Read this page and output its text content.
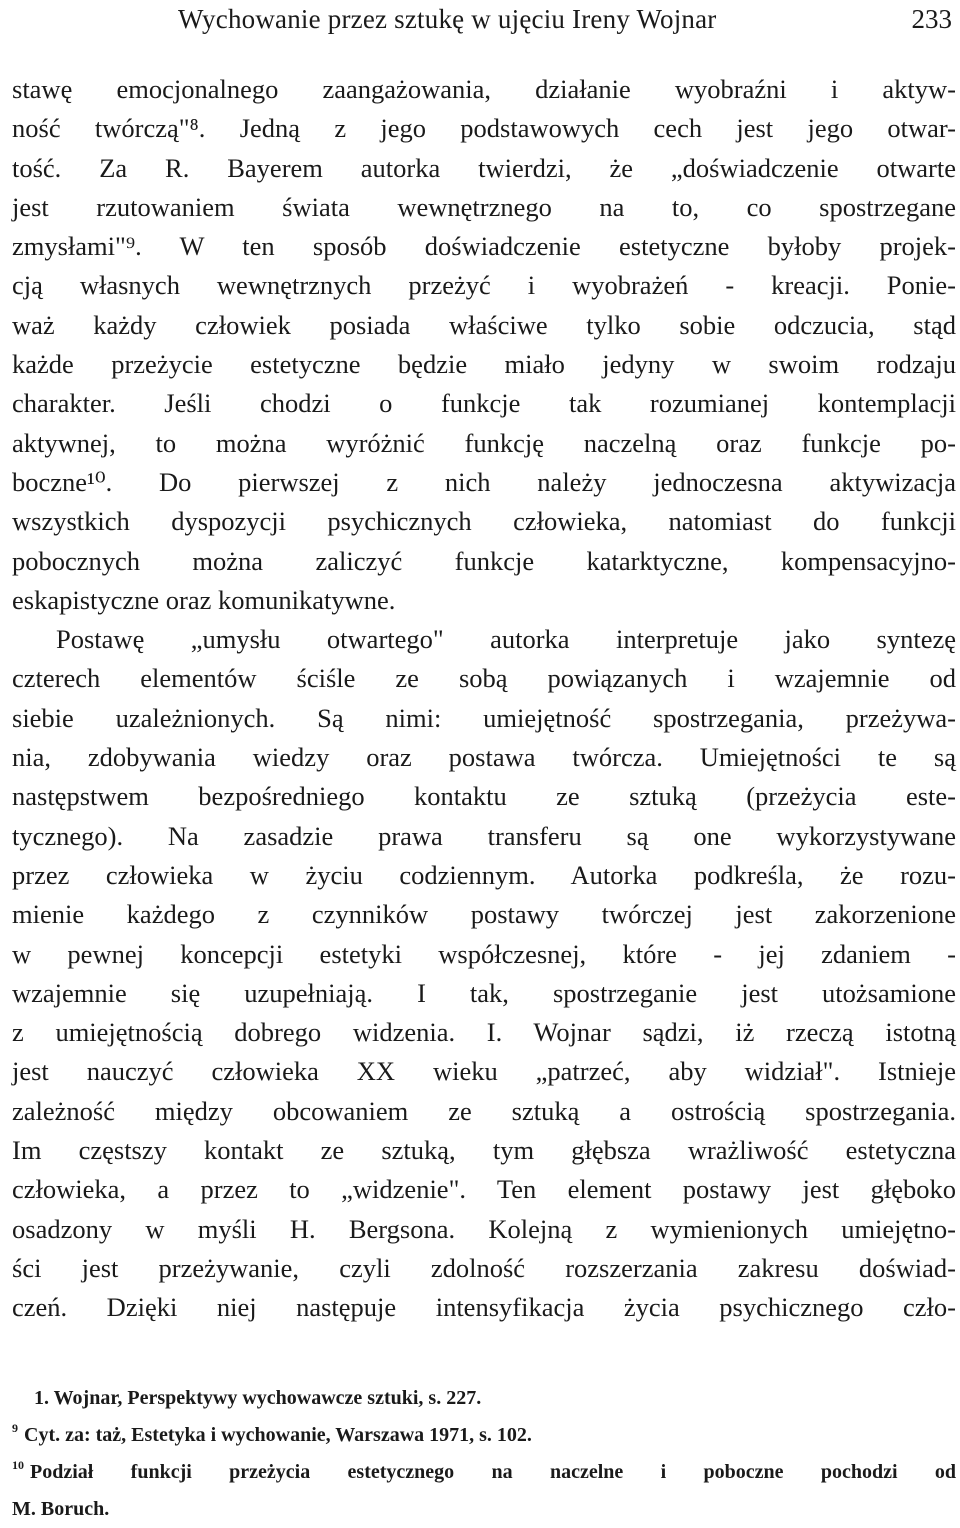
Wychowanie przez sztukę w ujęciu Ireny Wojnar	233
stawę emocjonalnego zaangażowania, działanie wyobraźni i aktyw-
ność twórczą"⁸. Jedną z jego podstawowych cech jest jego otwar-
tość. Za R. Bayerem autorka twierdzi, że „doświadczenie otwarte
jest rzutowaniem świata wewnętrznego na to, co spostrzegane
zmysłami"⁹. W ten sposób doświadczenie estetyczne byłoby projek-
cją własnych wewnętrznych przeżyć i wyobrażeń - kreacji. Ponie-
waż każdy człowiek posiada właściwe tylko sobie odczucia, stąd
każde przeżycie estetyczne będzie miało jedyny w swoim rodzaju
charakter. Jeśli chodzi o funkcje tak rozumianej kontemplacji
aktywnej, to można wyróżnić funkcję naczelną oraz funkcje po-
boczne¹⁰. Do pierwszej z nich należy jednoczesna aktywizacja
wszystkich dyspozycji psychicznych człowieka, natomiast do funkcji
pobocznych można zaliczyć funkcje katarktyczne, kompensacyjno-
eskapistyczne oraz komunikatywne.
Postawę „umysłu otwartego" autorka interpretuje jako syntezę
czterech elementów ściśle ze sobą powiązanych i wzajemnie od
siebie uzależnionych. Są nimi: umiejętność spostrzegania, przeżywa-
nia, zdobywania wiedzy oraz postawa twórcza. Umiejętności te są
następstwem bezpośredniego kontaktu ze sztuką (przeżycia este-
tycznego). Na zasadzie prawa transferu są one wykorzystywane
przez człowieka w życiu codziennym. Autorka podkreśla, że rozu-
mienie każdego z czynników postawy twórczej jest zakorzenione
w pewnej koncepcji estetyki współczesnej, które - jej zdaniem -
wzajemnie się uzupełniają. I tak, spostrzeganie jest utożsamione
z umiejętnością dobrego widzenia. I. Wojnar sądzi, iż rzeczą istotną
jest nauczyć człowieka XX wieku „patrzeć, aby widział". Istnieje
zależność między obcowaniem ze sztuką a ostrością spostrzegania.
Im częstszy kontakt ze sztuką, tym głębsza wrażliwość estetyczna
człowieka, a przez to „widzenie". Ten element postawy jest głęboko
osadzony w myśli H. Bergsona. Kolejną z wymienionych umiejętno-
ści jest przeżywanie, czyli zdolność rozszerzania zakresu doświad-
czeń. Dzięki niej następuje intensyfikacja życia psychicznego czło-
1. Wojnar, Perspektywy wychowawcze sztuki, s. 227.
$^9$ Cyt. za: taż, Estetyka i wychowanie, Warszawa 1971, s. 102.
$^{10}$ Podział funkcji przeżycia estetycznego na naczelne i poboczne pochodzi od
M. Boruch.
